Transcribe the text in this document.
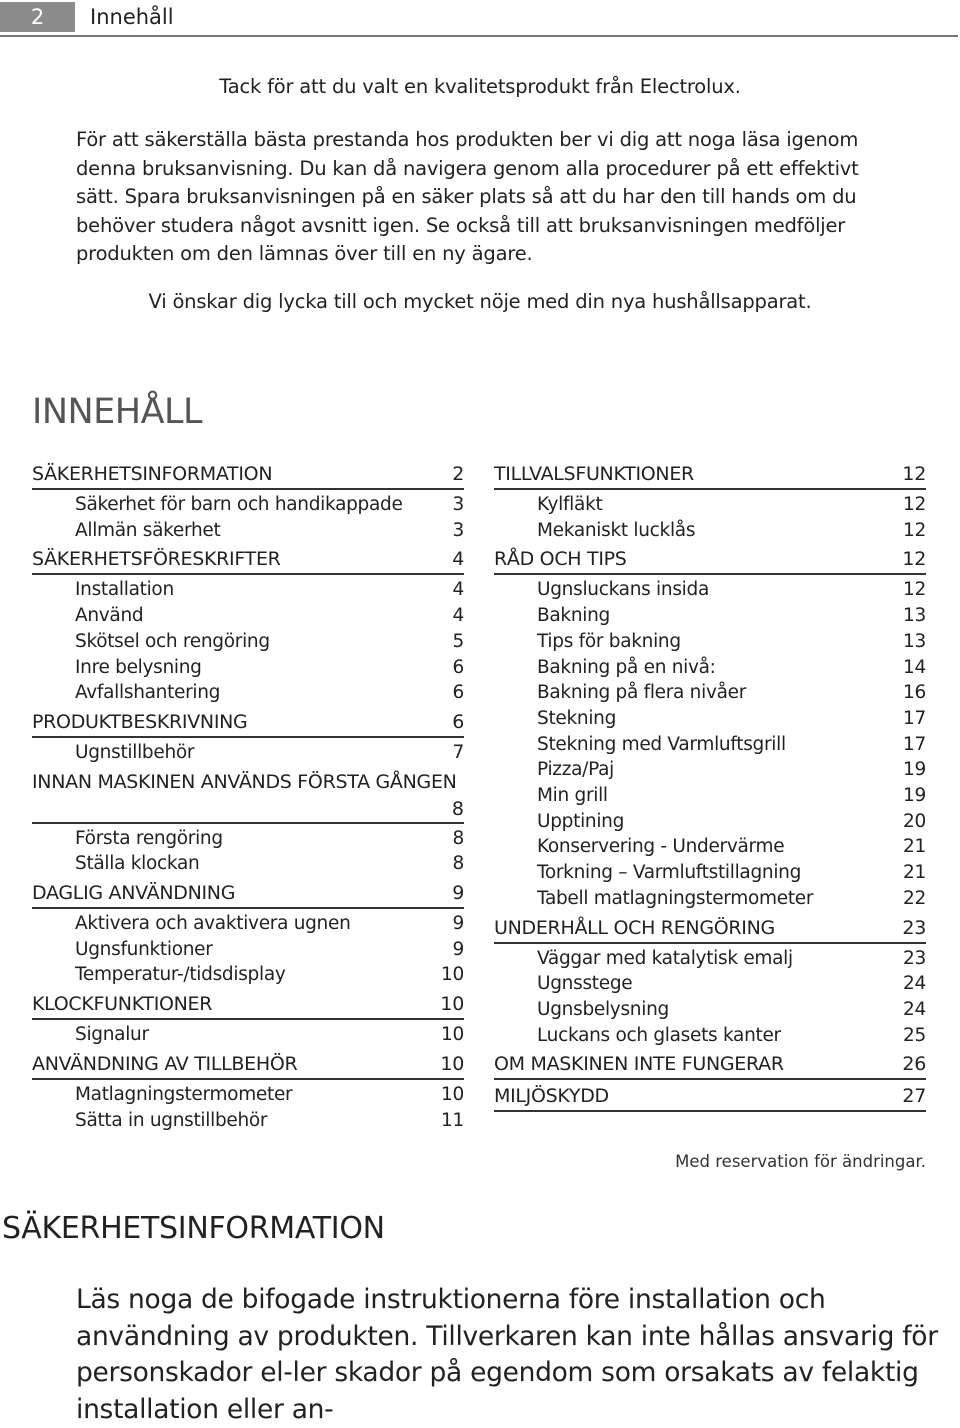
2	Innehåll
Tack för att du valt en kvalitetsprodukt från Electrolux.

För att säkerställa bästa prestanda hos produkten ber vi dig att noga läsa igenom denna bruksanvisning. Du kan då navigera genom alla procedurer på ett effektivt sätt. Spara bruksanvisningen på en säker plats så att du har den till hands om du behöver studera något avsnitt igen. Se också till att bruksanvisningen medföljer produkten om den lämnas över till en ny ägare.

Vi önskar dig lycka till och mycket nöje med din nya hushållsapparat.
INNEHÅLL
SÄKERHETSINFORMATION	2
Säkerhet för barn och handikappade	3
Allmän säkerhet	3
SÄKERHETSFÖRESKRIFTER	4
Installation	4
Använd	4
Skötsel och rengöring	5
Inre belysning	6
Avfallshantering	6
PRODUKTBESKRIVNING	6
Ugnstillbehör	7
INNAN MASKINEN ANVÄNDS FÖRSTA GÅNGEN
8
Första rengöring	8
Ställa klockan	8
DAGLIG ANVÄNDNING	9
Aktivera och avaktivera ugnen	9
Ugnsfunktioner	9
Temperatur-/tidsdisplay	10
KLOCKFUNKTIONER	10
Signalur	10
ANVÄNDNING AV TILLBEHÖR	10
Matlagningstermometer	10
Sätta in ugnstillbehör	11
TILLVALSFUNKTIONER	12
Kylfläkt	12
Mekaniskt lucklås	12
RÅD OCH TIPS	12
Ugnsluckans insida	12
Bakning	13
Tips för bakning	13
Bakning på en nivå:	14
Bakning på flera nivåer	16
Stekning	17
Stekning med Varmluftsgrill	17
Pizza/Paj	19
Min grill	19
Upptining	20
Konservering - Undervärme	21
Torkning – Varmluftstillagning	21
Tabell matlagningstermometer	22
UNDERHÅLL OCH RENGÖRING	23
Väggar med katalytisk emalj	23
Ugnsstege	24
Ugnsbelysning	24
Luckans och glasets kanter	25
OM MASKINEN INTE FUNGERAR	26
MILJÖSKYDD	27
Med reservation för ändringar.
SÄKERHETSINFORMATION

Läs noga de bifogade instruktionerna före installation och användning av produkten. Tillverkaren kan inte hållas ansvarig för personskador el-ler skador på egendom som orsakats av felaktig installation eller an-
